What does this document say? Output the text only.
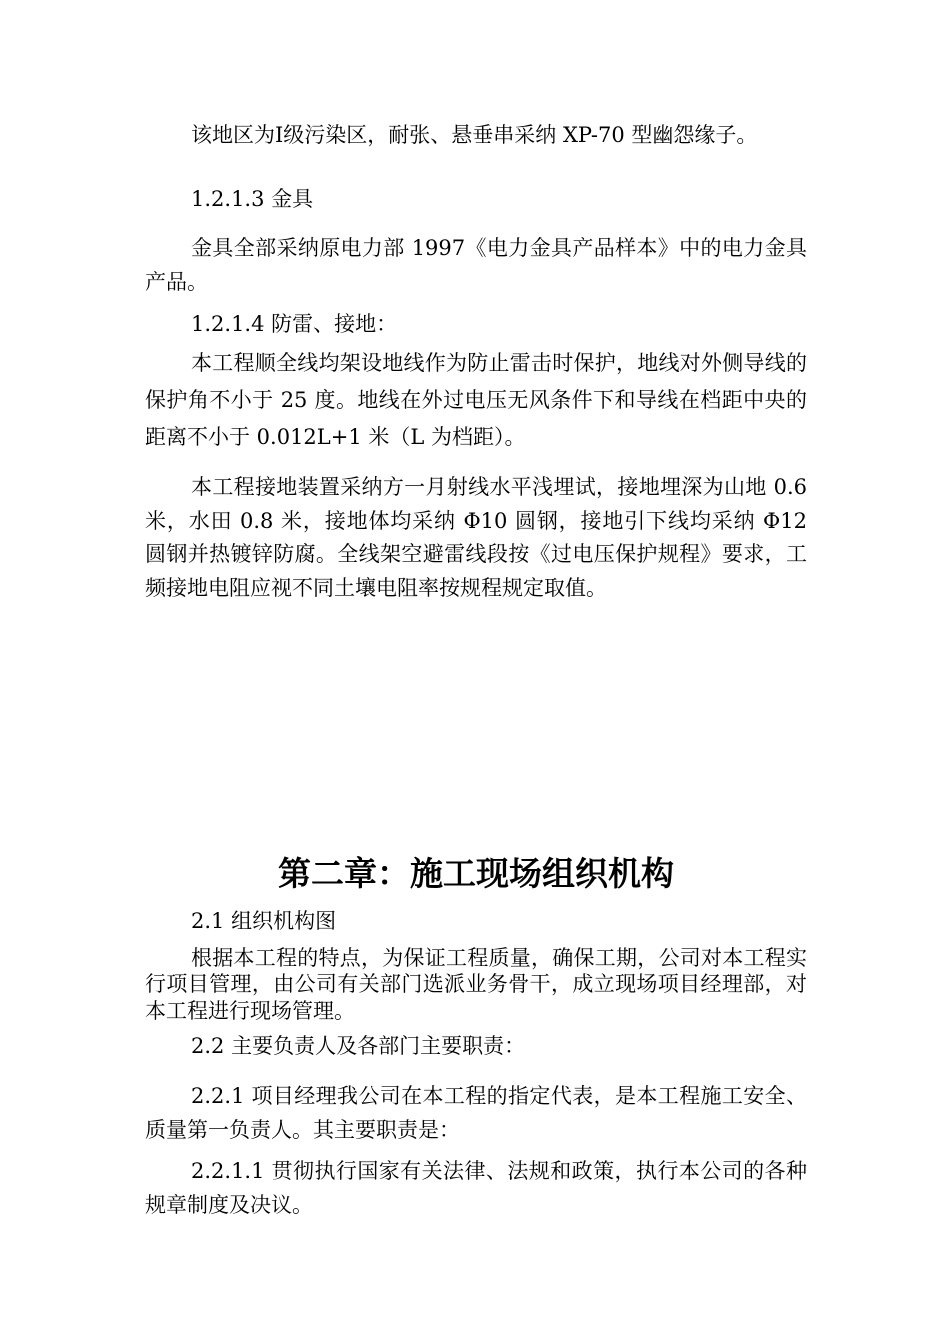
该地区为Ⅰ级污染区，耐张、悬垂串采纳 XP-70 型幽怨缘子。

1.2.1.3 金具

金具全部采纳原电力部 1997《电力金具产品样本》中的电力金具产品。

1.2.1.4 防雷、接地：

本工程顺全线均架设地线作为防止雷击时保护，地线对外侧导线的保护角不小于 25 度。地线在外过电压无风条件下和导线在档距中央的距离不小于 0.012L+1 米（L 为档距）。

本工程接地装置采纳方一月射线水平浅埋试，接地埋深为山地 0.6 米，水田 0.8 米，接地体均采纳 Φ10 圆钢，接地引下线均采纳 Φ12 圆钢并热镀锌防腐。全线架空避雷线段按《过电压保护规程》要求，工频接地电阻应视不同土壤电阻率按规程规定取值。

第二章：施工现场组织机构

2.1 组织机构图

根据本工程的特点，为保证工程质量，确保工期，公司对本工程实行项目管理，由公司有关部门选派业务骨干，成立现场项目经理部，对本工程进行现场管理。

2.2 主要负责人及各部门主要职责：

2.2.1 项目经理我公司在本工程的指定代表，是本工程施工安全、质量第一负责人。其主要职责是：

2.2.1.1 贯彻执行国家有关法律、法规和政策，执行本公司的各种规章制度及决议。
